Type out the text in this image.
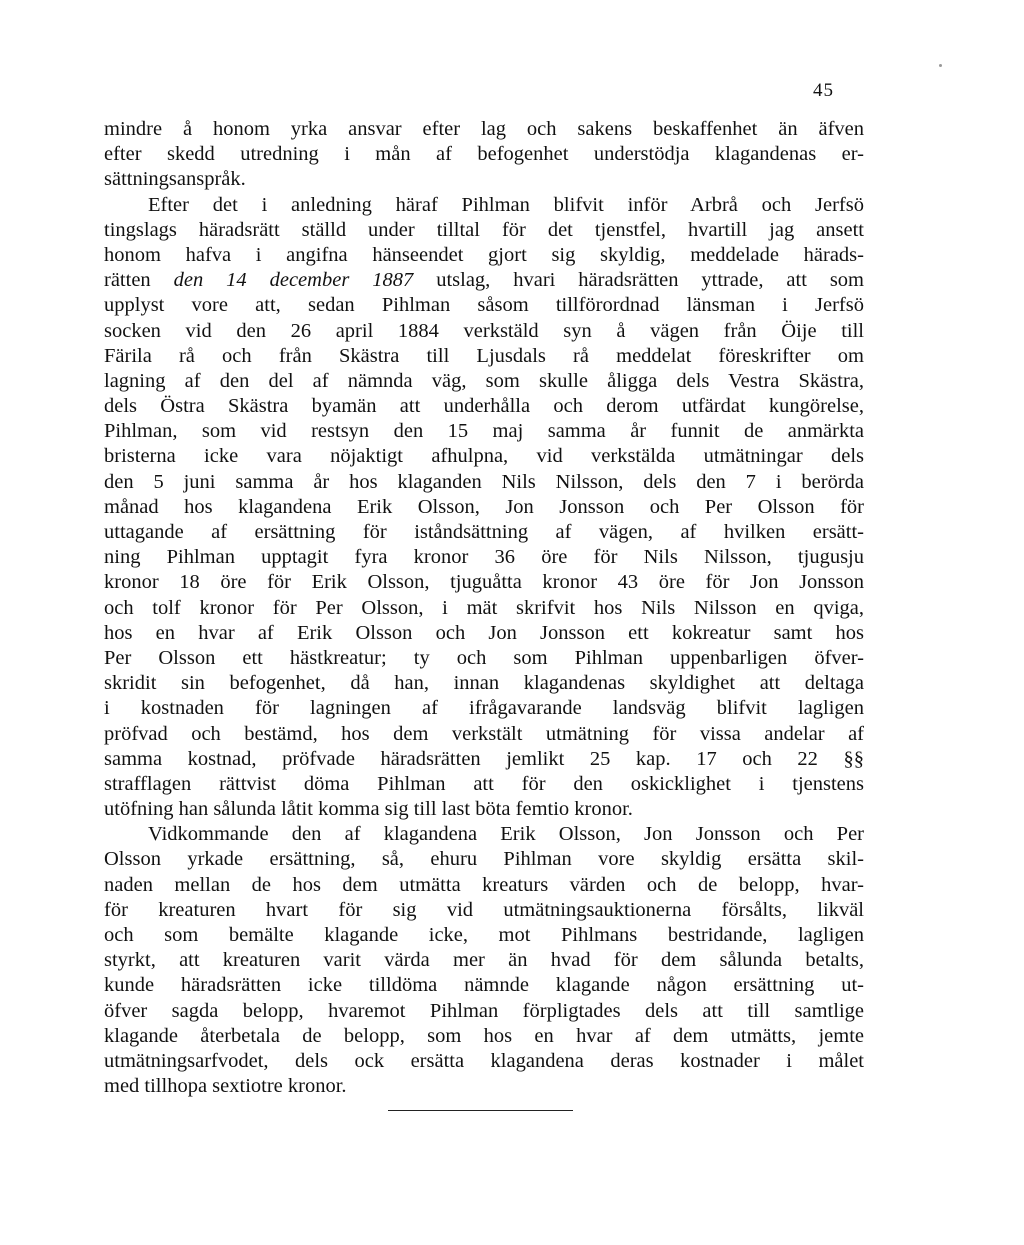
45
mindre å honom yrka ansvar efter lag och sakens beskaffenhet än äfven
efter skedd utredning i mån af befogenhet understödja klagandenas er-
sättningsanspråk.
Efter det i anledning häraf Pihlman blifvit inför Arbrå och Jerfsö
tingslags häradsrätt ställd under tilltal för det tjenstfel, hvartill jag ansett
honom hafva i angifna hänseendet gjort sig skyldig, meddelade härads-
rätten den 14 december 1887 utslag, hvari häradsrätten yttrade, att som
upplyst vore att, sedan Pihlman såsom tillförordnad länsman i Jerfsö
socken vid den 26 april 1884 verkstäld syn å vägen från Öije till
Färila rå och från Skästra till Ljusdals rå meddelat föreskrifter om
lagning af den del af nämnda väg, som skulle åligga dels Vestra Skästra,
dels Östra Skästra byamän att underhålla och derom utfärdat kungörelse,
Pihlman, som vid restsyn den 15 maj samma år funnit de anmärkta
bristerna icke vara nöjaktigt afhulpna, vid verkstälda utmätningar dels
den 5 juni samma år hos klaganden Nils Nilsson, dels den 7 i berörda
månad hos klagandena Erik Olsson, Jon Jonsson och Per Olsson för
uttagande af ersättning för iståndsättning af vägen, af hvilken ersätt-
ning Pihlman upptagit fyra kronor 36 öre för Nils Nilsson, tjugusju
kronor 18 öre för Erik Olsson, tjuguåtta kronor 43 öre för Jon Jonsson
och tolf kronor för Per Olsson, i mät skrifvit hos Nils Nilsson en qviga,
hos en hvar af Erik Olsson och Jon Jonsson ett kokreatur samt hos
Per Olsson ett hästkreatur; ty och som Pihlman uppenbarligen öfver-
skridit sin befogenhet, då han, innan klagandenas skyldighet att deltaga
i kostnaden för lagningen af ifrågavarande landsväg blifvit lagligen
pröfvad och bestämd, hos dem verkstält utmätning för vissa andelar af
samma kostnad, pröfvade häradsrätten jemlikt 25 kap. 17 och 22 §§
strafflagen rättvist döma Pihlman att för den oskicklighet i tjenstens
utöfning han sålunda låtit komma sig till last böta femtio kronor.
Vidkommande den af klagandena Erik Olsson, Jon Jonsson och Per
Olsson yrkade ersättning, så, ehuru Pihlman vore skyldig ersätta skil-
naden mellan de hos dem utmätta kreaturs värden och de belopp, hvar-
för kreaturen hvart för sig vid utmätningsauktionerna försålts, likväl
och som bemälte klagande icke, mot Pihlmans bestridande, lagligen
styrkt, att kreaturen varit värda mer än hvad för dem sålunda betalts,
kunde häradsrätten icke tilldöma nämnde klagande någon ersättning ut-
öfver sagda belopp, hvaremot Pihlman förpligtades dels att till samtlige
klagande återbetala de belopp, som hos en hvar af dem utmätts, jemte
utmätningsarfvodet, dels ock ersätta klagandena deras kostnader i målet
med tillhopa sextiotre kronor.
